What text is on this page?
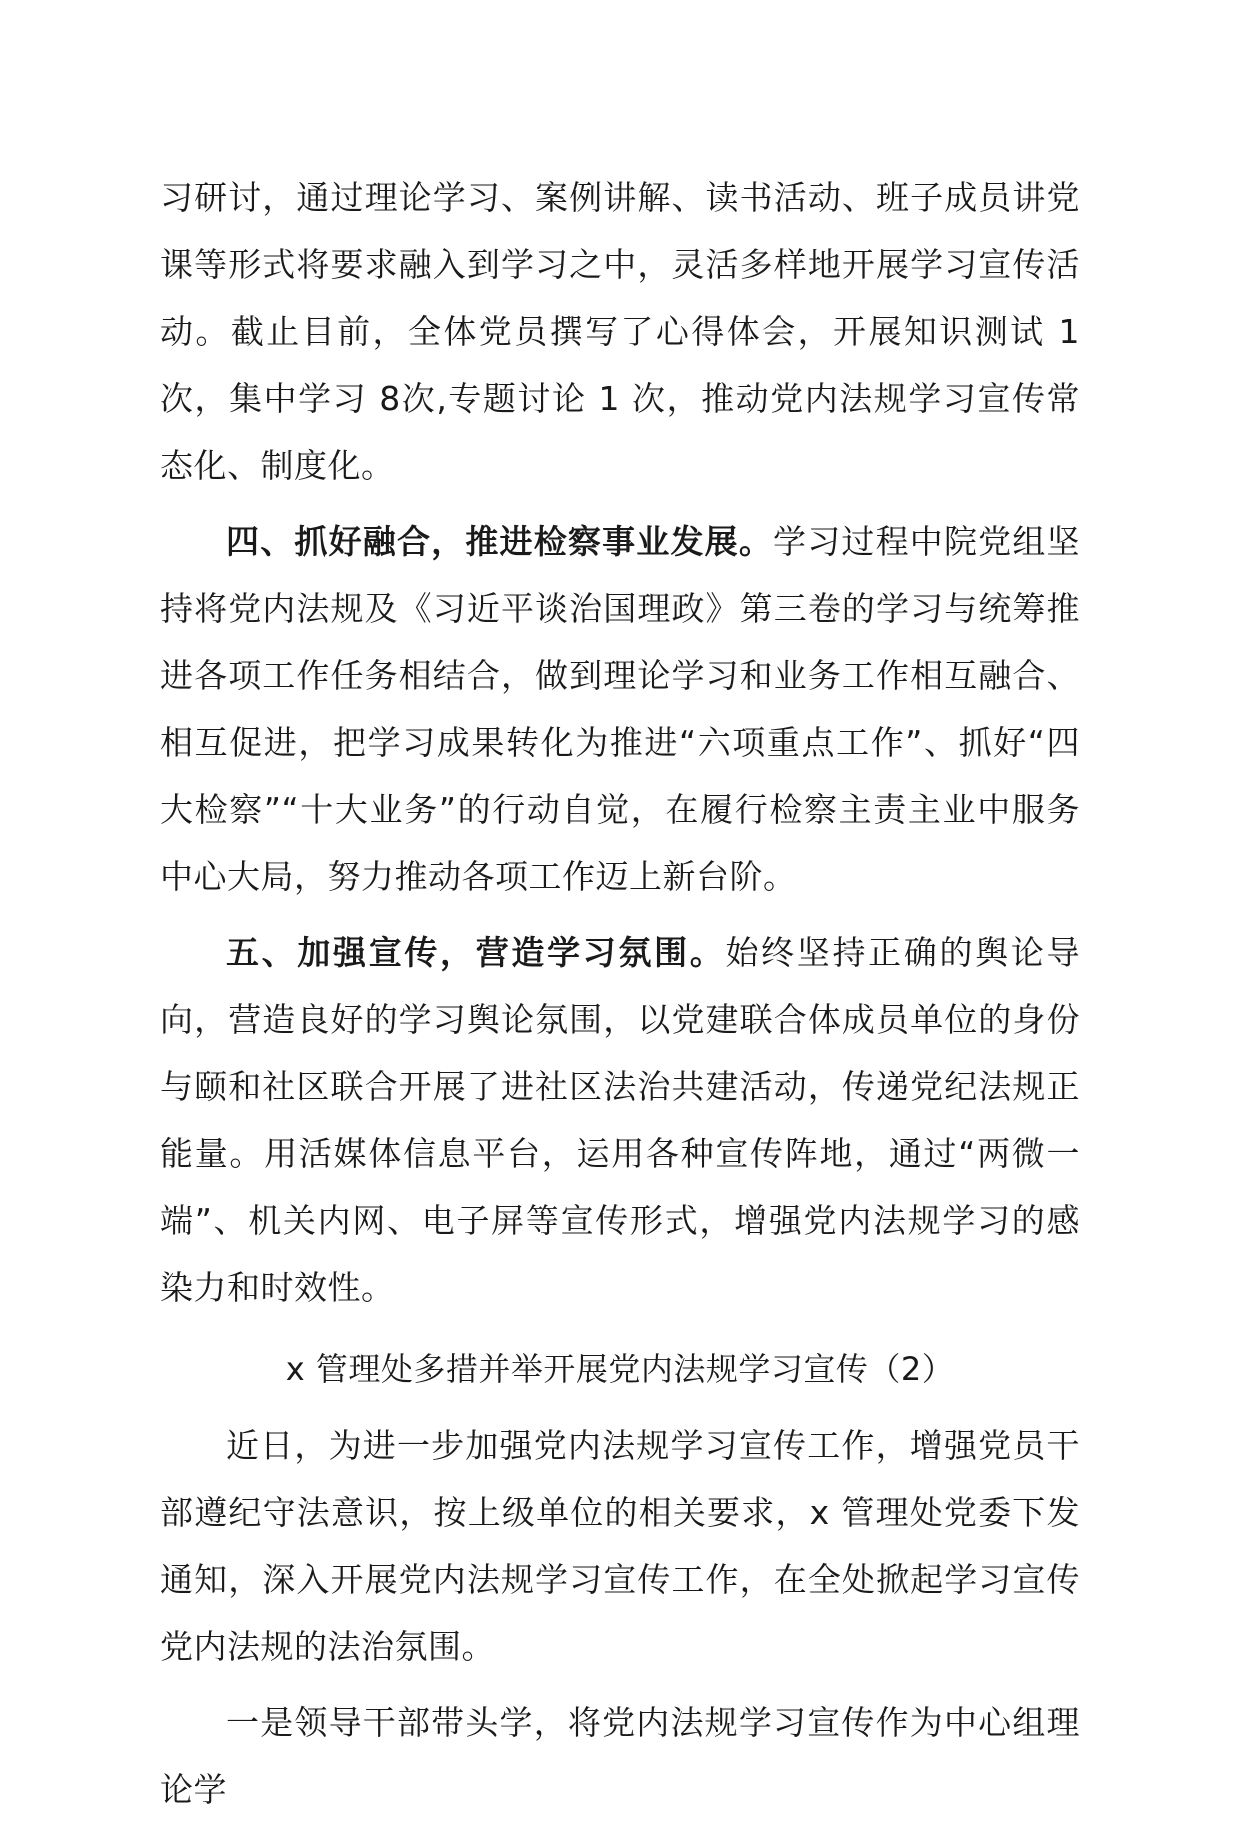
习研讨，通过理论学习、案例讲解、读书活动、班子成员讲党课等形式将要求融入到学习之中，灵活多样地开展学习宣传活动。截止目前，全体党员撰写了心得体会，开展知识测试 1 次，集中学习 8次,专题讨论 1 次，推动党内法规学习宣传常态化、制度化。

四、抓好融合，推进检察事业发展。学习过程中院党组坚持将党内法规及《习近平谈治国理政》第三卷的学习与统筹推进各项工作任务相结合，做到理论学习和业务工作相互融合、相互促进，把学习成果转化为推进“六项重点工作”、抓好“四大检察”“十大业务”的行动自觉，在履行检察主责主业中服务中心大局，努力推动各项工作迈上新台阶。

五、加强宣传，营造学习氛围。始终坚持正确的舆论导向，营造良好的学习舆论氛围，以党建联合体成员单位的身份与颐和社区联合开展了进社区法治共建活动，传递党纪法规正能量。用活媒体信息平台，运用各种宣传阵地，通过“两微一端”、机关内网、电子屏等宣传形式，增强党内法规学习的感染力和时效性。

x 管理处多措并举开展党内法规学习宣传（2）

近日，为进一步加强党内法规学习宣传工作，增强党员干部遵纪守法意识，按上级单位的相关要求，x 管理处党委下发通知，深入开展党内法规学习宣传工作，在全处掀起学习宣传党内法规的法治氛围。

一是领导干部带头学，将党内法规学习宣传作为中心组理论学
